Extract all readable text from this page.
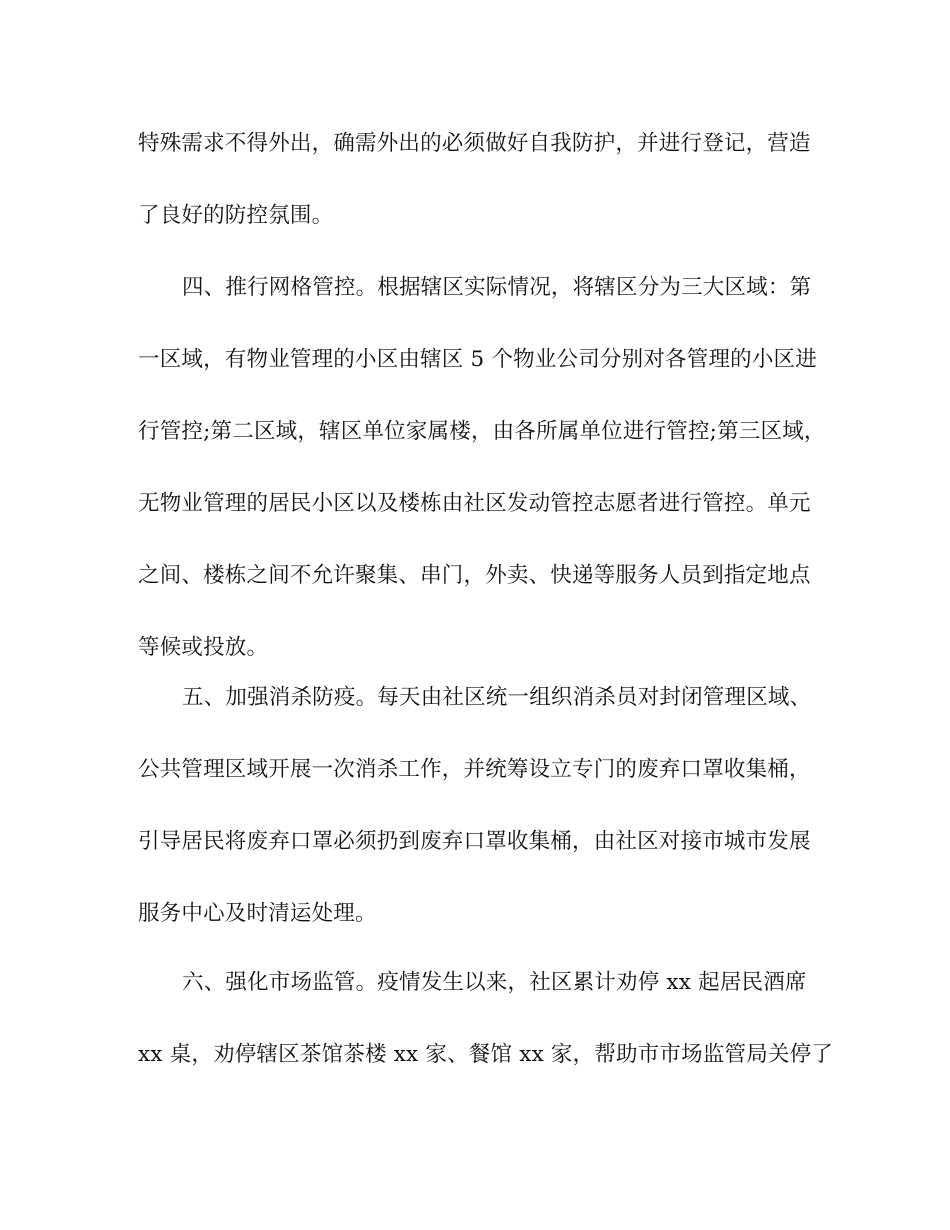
特殊需求不得外出，确需外出的必须做好自我防护，并进行登记，营造
了良好的防控氛围。
四、推行网格管控。根据辖区实际情况，将辖区分为三大区域：第
一区域，有物业管理的小区由辖区 5 个物业公司分别对各管理的小区进
行管控;第二区域，辖区单位家属楼，由各所属单位进行管控;第三区域，
无物业管理的居民小区以及楼栋由社区发动管控志愿者进行管控。单元
之间、楼栋之间不允许聚集、串门，外卖、快递等服务人员到指定地点
等候或投放。
五、加强消杀防疫。每天由社区统一组织消杀员对封闭管理区域、
公共管理区域开展一次消杀工作，并统筹设立专门的废弃口罩收集桶，
引导居民将废弃口罩必须扔到废弃口罩收集桶，由社区对接市城市发展
服务中心及时清运处理。
六、强化市场监管。疫情发生以来，社区累计劝停 xx 起居民酒席
xx 桌，劝停辖区茶馆茶楼 xx 家、餐馆 xx 家，帮助市市场监管局关停了
